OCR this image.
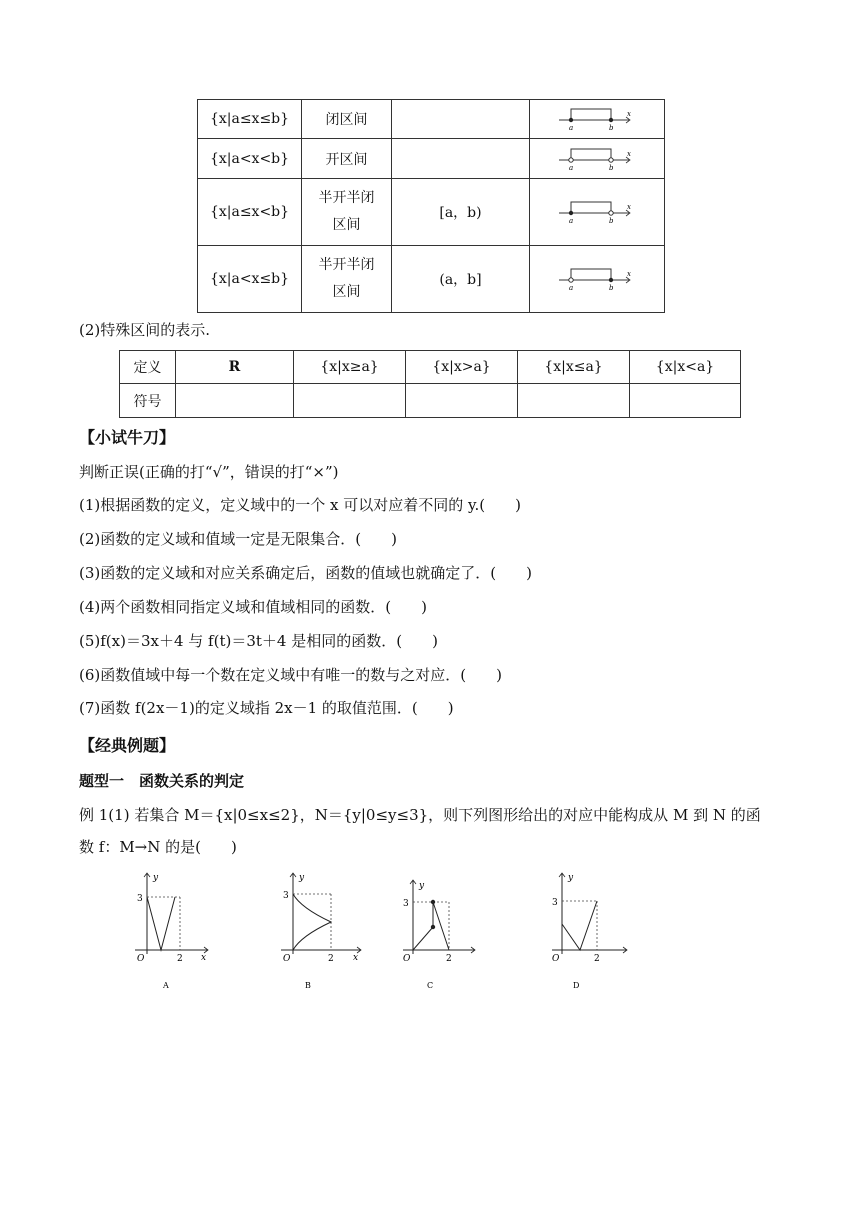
{x|a≤x≤b}	闭区间		a b
x

{x|a<x<b}	开区间		a b
x

{x|a≤x<b}	半开半闭区间	[a，b)	a b
x

{x|a<x≤b}	半开半闭区间	(a，b]	a b
x
(2)特殊区间的表示.
定义	R	{x|x≥a}	{x|x>a}	{x|x≤a}	{x|x<a}
符号					
【小试牛刀】
判断正误(正确的打“√”，错误的打“×”)
(1)根据函数的定义，定义域中的一个 x 可以对应着不同的 y.(　　)
(2)函数的定义域和值域一定是无限集合．(　　)
(3)函数的定义域和对应关系确定后，函数的值域也就确定了．(　　)
(4)两个函数相同指定义域和值域相同的函数．(　　)
(5)f(x)＝3x＋4 与 f(t)＝3t＋4 是相同的函数．(　　)
(6)函数值域中每一个数在定义域中有唯一的数与之对应．(　　)
(7)函数 f(2x－1)的定义域指 2x－1 的取值范围．(　　)
【经典例题】
题型一　函数关系的判定
例 1(1) 若集合 M＝{x|0≤x≤2}，N＝{y|0≤y≤3}，则下列图形给出的对应中能构成从 M 到 N 的函
数 f：M→N 的是(　　)
y
3
O	2 x
A
y
3
O	2 x
B
y
3
O	2
C
y
3
O	2
D
